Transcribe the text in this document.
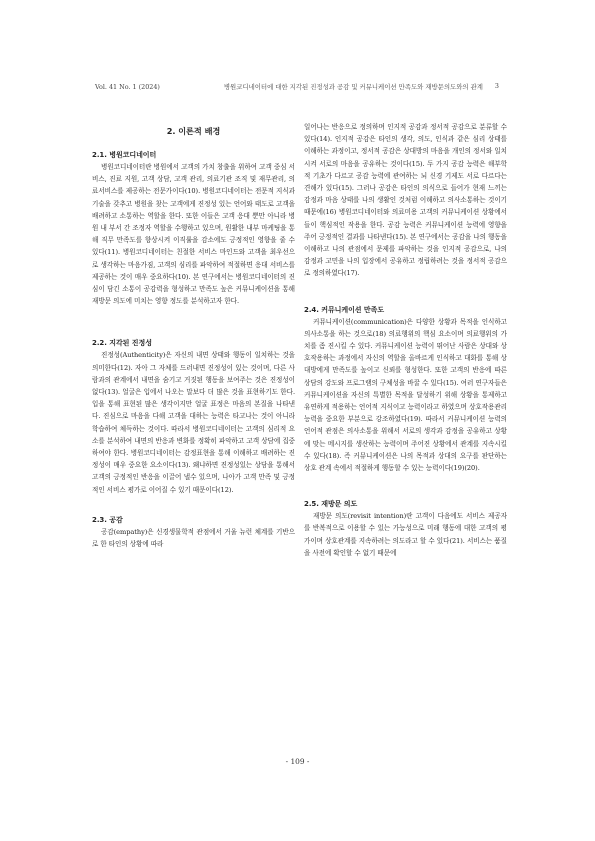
Vol. 41 No. 1 (2024)	병원코디네이터에 대한 지각된 진정성과 공감 및 커뮤니케이션 만족도와 재방문의도와의 관계 3
2. 이론적 배경
2.1. 병원코디네이터

병원코디네이터란 병원에서 고객의 가치 창출을 위하여 고객 중심 서비스, 진료 지원, 고객 상담, 고객 관리, 의료기관 조직 및 재무관리, 의료서비스를 제공하는 전문가이다(10). 병원코디네이터는 전문적 지식과 기술을 갖추고 병원을 찾는 고객에게 진정성 있는 언어와 태도로 고객을 배려하고 소통하는 역할을 한다. 또한 이들은 고객 응대 뿐만 아니라 병원 내 부서 간 조정자 역할을 수행하고 있으며, 원활한 내부 마케팅을 통해 직무 만족도를 향상시켜 이직률을 감소에도 긍정적인 영향을 줄 수 있다(11). 병원코디네이터는 친절한 서비스 마인드와 고객을 최우선으로 생각하는 마음가짐, 고객의 심리를 파악하여 적절하면 응대 서비스를 제공하는 것이 매우 중요하다(10). 본 연구에서는 병원코디네이터의 진심이 담긴 소통이 공감력을 형성하고 만족도 높은 커뮤니케이션을 통해 재방문 의도에 미치는 영향 정도를 분석하고자 한다.

2.2. 지각된 진정성

진정성(Authenticity)은 자신의 내면 상태와 행동이 일치하는 것을 의미한다(12). 자아 그 자체를 드러내면 진정성이 있는 것이며, 다른 사람과의 관계에서 내면을 숨기고 거짓된 행동을 보여주는 것은 진정성이 없다(13). 얼굴은 입에서 나오는 말보다 더 많은 것을 표현하기도 한다. 입을 통해 표현된 많은 생각이지만 얼굴 표정은 마음의 본질을 나타낸다. 진심으로 마음을 다해 고객을 대하는 능력은 타고나는 것이 아니라 학습하여 체득하는 것이다. 따라서 병원코디네이터는 고객의 심리적 요소를 분석하여 내면의 반응과 변화를 정확히 파악하고 고객 상담에 집중하여야 한다. 병원코디네이터는 감정표현을 통해 이해하고 배려하는 진정성이 매우 중요한 요소이다(13). 왜냐하면 진정성있는 상담을 통해서 고객의 긍정적인 반응을 이끌어 낼수 있으며, 나아가 고객 만족 및 긍정적인 서비스 평가로 이어질 수 있기 때문이다(12).

2.3. 공감

공감(empathy)은 신경생물학적 관점에서 거울 뉴런 체계를 기반으로 한 타인의 상황에 따라

일어나는 반응으로 정의하며 인지적 공감과 정서적 공감으로 분류할 수 있다(14). 인지적 공감은 타인의 생각, 의도, 인식과 같은 심리 상태를 이해하는 과정이고, 정서적 공감은 상대방의 마음을 개인의 정서와 일치시켜 서로의 마음을 공유하는 것이다(15). 두 가지 공감 능력은 해부학적 기초가 다르고 공감 능력에 관여하는 뇌 신경 기제도 서로 다르다는 견해가 있다(15). 그러나 공감은 타인의 의식으로 들어가 현재 느끼는 감정과 마음 상태를 나의 생활인 것처럼 이해하고 의사소통하는 것이기 때문에(16) 병원코디네이터와 의료미용 고객의 커뮤니케이션 상황에서 들이 핵심적인 작용을 한다. 공감 능력은 커뮤니케이션 능력에 영향을 주어 긍정적인 결과를 나타낸다(15). 본 연구에서는 공감을 나의 행동을 이해하고 나의 관점에서 문제를 파악하는 것을 인지적 공감으로, 나의 감정과 고민을 나의 입장에서 공유하고 정립하려는 것을 정서적 공감으로 정의하였다(17).

2.4. 커뮤니케이션 만족도

커뮤니케이션(communication)은 다양한 상황과 목적을 인식하고 의사소통을 하는 것으로(18) 의료행위의 핵심 요소이며 의료행위의 가치를 좀 진시킬 수 있다. 커뮤니케이션 능력이 뛰어난 사람은 상대와 상호작용하는 과정에서 자신의 역할을 올바르게 인식하고 대화를 통해 상대방에게 만족도를 높이고 신뢰를 형성한다. 또한 고객의 반응에 따른 상담의 강도와 프로그램의 구체성을 바꿀 수 있다(15). 여러 연구자들은 커뮤니케이션을 자신의 특별한 목적을 달성하기 위해 상황을 통제하고 유연하게 적용하는 언어적 지식이고 능력이라고 하였으며 상호작용관리 능력을 중요한 부분으로 강조하였다(19). 따라서 커뮤니케이션 능력의 언어적 관점은 의사소통을 위해서 서로의 생각과 감정을 공유하고 상황에 맞는 메시지를 생산하는 능력이며 주어진 상황에서 관계를 지속시킬 수 있다(18). 즉 커뮤니케이션은 나의 목적과 상대의 요구를 판단하는 상호 관계 속에서 적절하게 행동할 수 있는 능력이다(19)(20).

2.5. 재방문 의도

재방문 의도(revisit intention)란 고객이 다음에도 서비스 제공자를 반복적으로 이용할 수 있는 가능성으로 미래 행동에 대한 고객의 평가이며 상호관계를 지속하려는 의도라고 할 수 있다(21). 서비스는 품질을 사전에 확인할 수 없기 때문에

- 109 -
